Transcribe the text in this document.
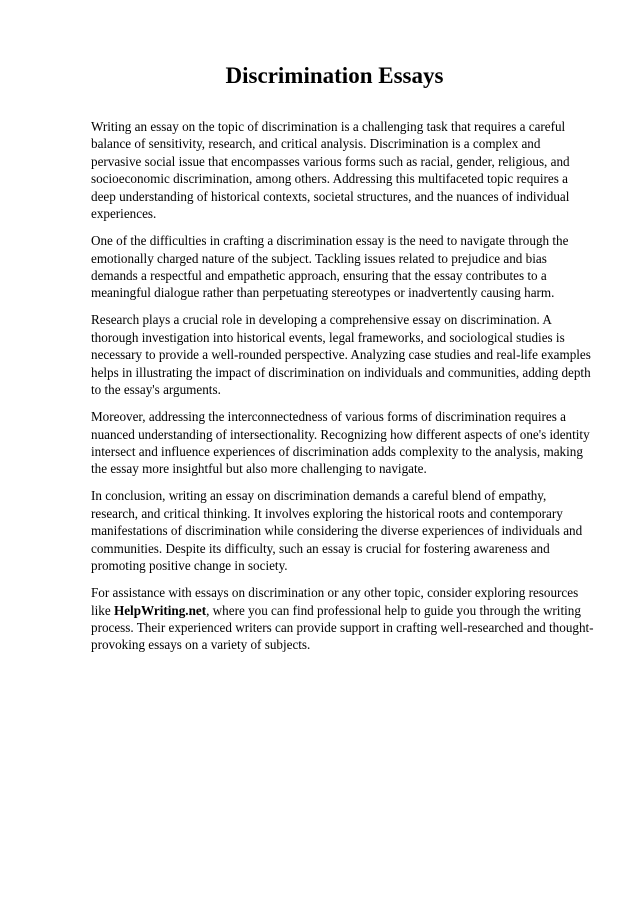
Discrimination Essays

Writing an essay on the topic of discrimination is a challenging task that requires a careful balance of sensitivity, research, and critical analysis. Discrimination is a complex and pervasive social issue that encompasses various forms such as racial, gender, religious, and socioeconomic discrimination, among others. Addressing this multifaceted topic requires a deep understanding of historical contexts, societal structures, and the nuances of individual experiences.

One of the difficulties in crafting a discrimination essay is the need to navigate through the emotionally charged nature of the subject. Tackling issues related to prejudice and bias demands a respectful and empathetic approach, ensuring that the essay contributes to a meaningful dialogue rather than perpetuating stereotypes or inadvertently causing harm.

Research plays a crucial role in developing a comprehensive essay on discrimination. A thorough investigation into historical events, legal frameworks, and sociological studies is necessary to provide a well-rounded perspective. Analyzing case studies and real-life examples helps in illustrating the impact of discrimination on individuals and communities, adding depth to the essay's arguments.

Moreover, addressing the interconnectedness of various forms of discrimination requires a nuanced understanding of intersectionality. Recognizing how different aspects of one's identity intersect and influence experiences of discrimination adds complexity to the analysis, making the essay more insightful but also more challenging to navigate.

In conclusion, writing an essay on discrimination demands a careful blend of empathy, research, and critical thinking. It involves exploring the historical roots and contemporary manifestations of discrimination while considering the diverse experiences of individuals and communities. Despite its difficulty, such an essay is crucial for fostering awareness and promoting positive change in society.

For assistance with essays on discrimination or any other topic, consider exploring resources like HelpWriting.net, where you can find professional help to guide you through the writing process. Their experienced writers can provide support in crafting well-researched and thought-provoking essays on a variety of subjects.
